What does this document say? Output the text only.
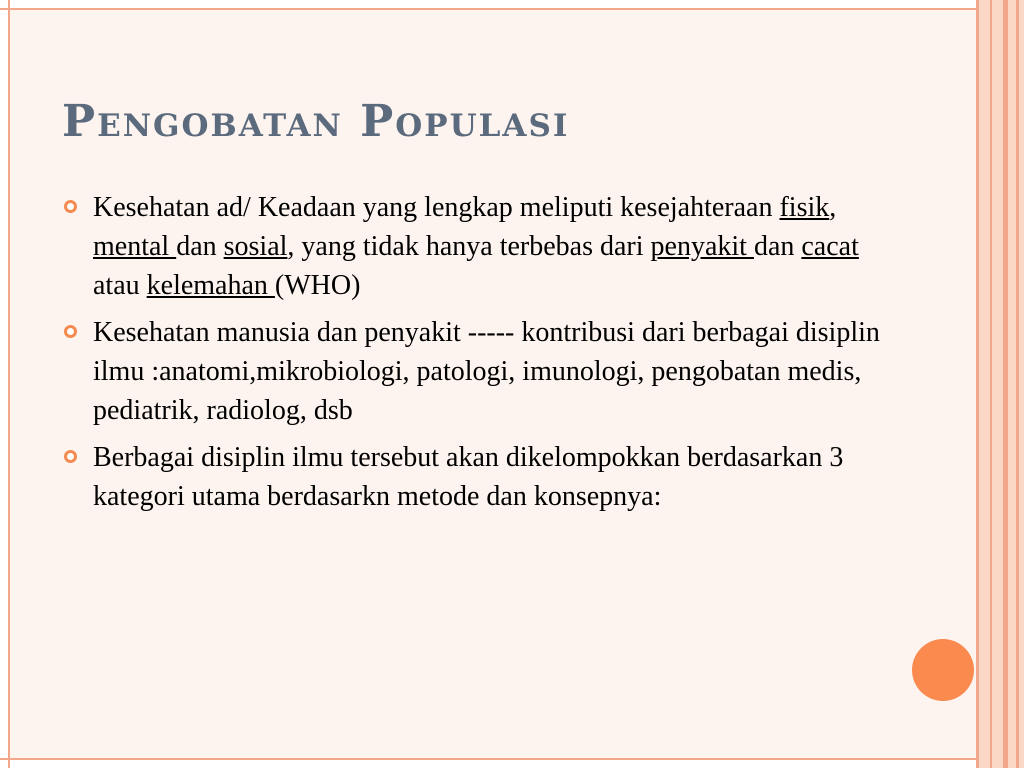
Pengobatan Populasi
Kesehatan ad/ Keadaan yang lengkap meliputi kesejahteraan fisik, mental dan sosial, yang tidak hanya terbebas dari penyakit dan cacat atau kelemahan (WHO)
Kesehatan manusia dan penyakit ----- kontribusi dari berbagai disiplin ilmu :anatomi,mikrobiologi, patologi, imunologi, pengobatan medis, pediatrik, radiolog, dsb
Berbagai disiplin ilmu tersebut akan dikelompokkan berdasarkan 3 kategori utama berdasarkn metode dan konsepnya:
